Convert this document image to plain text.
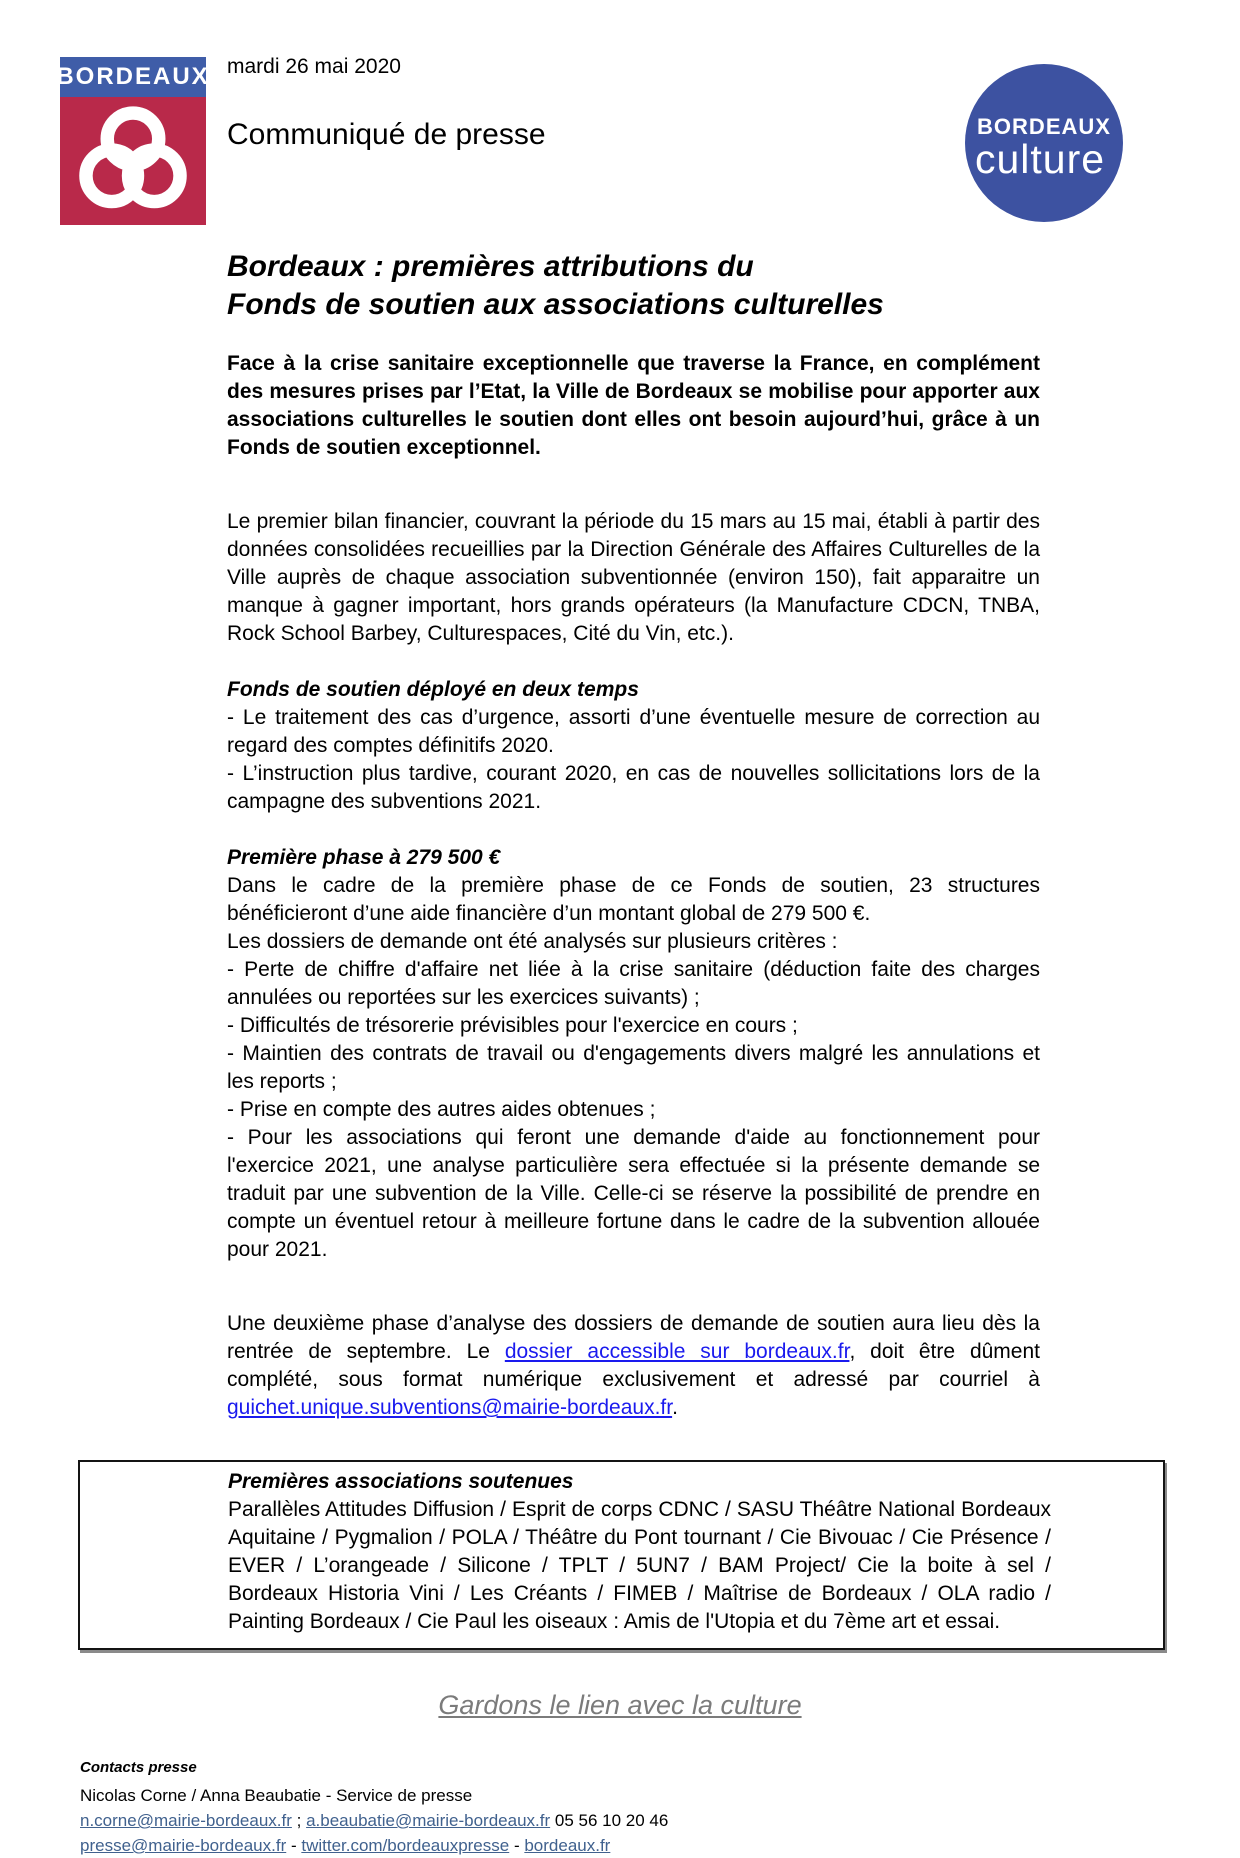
BORDEAUX mardi 26 mai 2020
Communiqué de presse	BORDEAUX
culture
Bordeaux : premières attributions du
Fonds de soutien aux associations culturelles

Face à la crise sanitaire exceptionnelle que traverse la France, en complément des mesures prises par l’Etat, la Ville de Bordeaux se mobilise pour apporter aux associations culturelles le soutien dont elles ont besoin aujourd’hui, grâce à un Fonds de soutien exceptionnel.

Le premier bilan financier, couvrant la période du 15 mars au 15 mai, établi à partir des données consolidées recueillies par la Direction Générale des Affaires Culturelles de la Ville auprès de chaque association subventionnée (environ 150), fait apparaitre un manque à gagner important, hors grands opérateurs (la Manufacture CDCN, TNBA, Rock School Barbey, Culturespaces, Cité du Vin, etc.).

Fonds de soutien déployé en deux temps

- Le traitement des cas d’urgence, assorti d’une éventuelle mesure de correction au regard des comptes définitifs 2020.

- L’instruction plus tardive, courant 2020, en cas de nouvelles sollicitations lors de la campagne des subventions 2021.

Première phase à 279 500 €

Dans le cadre de la première phase de ce Fonds de soutien, 23 structures bénéficieront d’une aide financière d’un montant global de 279 500 €.

Les dossiers de demande ont été analysés sur plusieurs critères :

- Perte de chiffre d'affaire net liée à la crise sanitaire (déduction faite des charges annulées ou reportées sur les exercices suivants) ;

- Difficultés de trésorerie prévisibles pour l'exercice en cours ;

- Maintien des contrats de travail ou d'engagements divers malgré les annulations et les reports ;

- Prise en compte des autres aides obtenues ;

- Pour les associations qui feront une demande d'aide au fonctionnement pour l'exercice 2021, une analyse particulière sera effectuée si la présente demande se traduit par une subvention de la Ville. Celle-ci se réserve la possibilité de prendre en compte un éventuel retour à meilleure fortune dans le cadre de la subvention allouée pour 2021.

Une deuxième phase d’analyse des dossiers de demande de soutien aura lieu dès la rentrée de septembre. Le dossier accessible sur bordeaux.fr, doit être dûment complété, sous format numérique exclusivement et adressé par courriel à guichet.unique.subventions@mairie-bordeaux.fr.

Premières associations soutenues
Parallèles Attitudes Diffusion / Esprit de corps CDNC / SASU Théâtre National Bordeaux Aquitaine / Pygmalion / POLA / Théâtre du Pont tournant / Cie Bivouac / Cie Présence / EVER / L’orangeade / Silicone / TPLT / 5UN7 / BAM Project/ Cie la boite à sel / Bordeaux Historia Vini / Les Créants / FIMEB / Maîtrise de Bordeaux / OLA radio / Painting Bordeaux / Cie Paul les oiseaux : Amis de l'Utopia et du 7ème art et essai.
Gardons le lien avec la culture
Contacts presse
Nicolas Corne / Anna Beaubatie - Service de presse
n.corne@mairie-bordeaux.fr ; a.beaubatie@mairie-bordeaux.fr 05 56 10 20 46
presse@mairie-bordeaux.fr - twitter.com/bordeauxpresse - bordeaux.fr
